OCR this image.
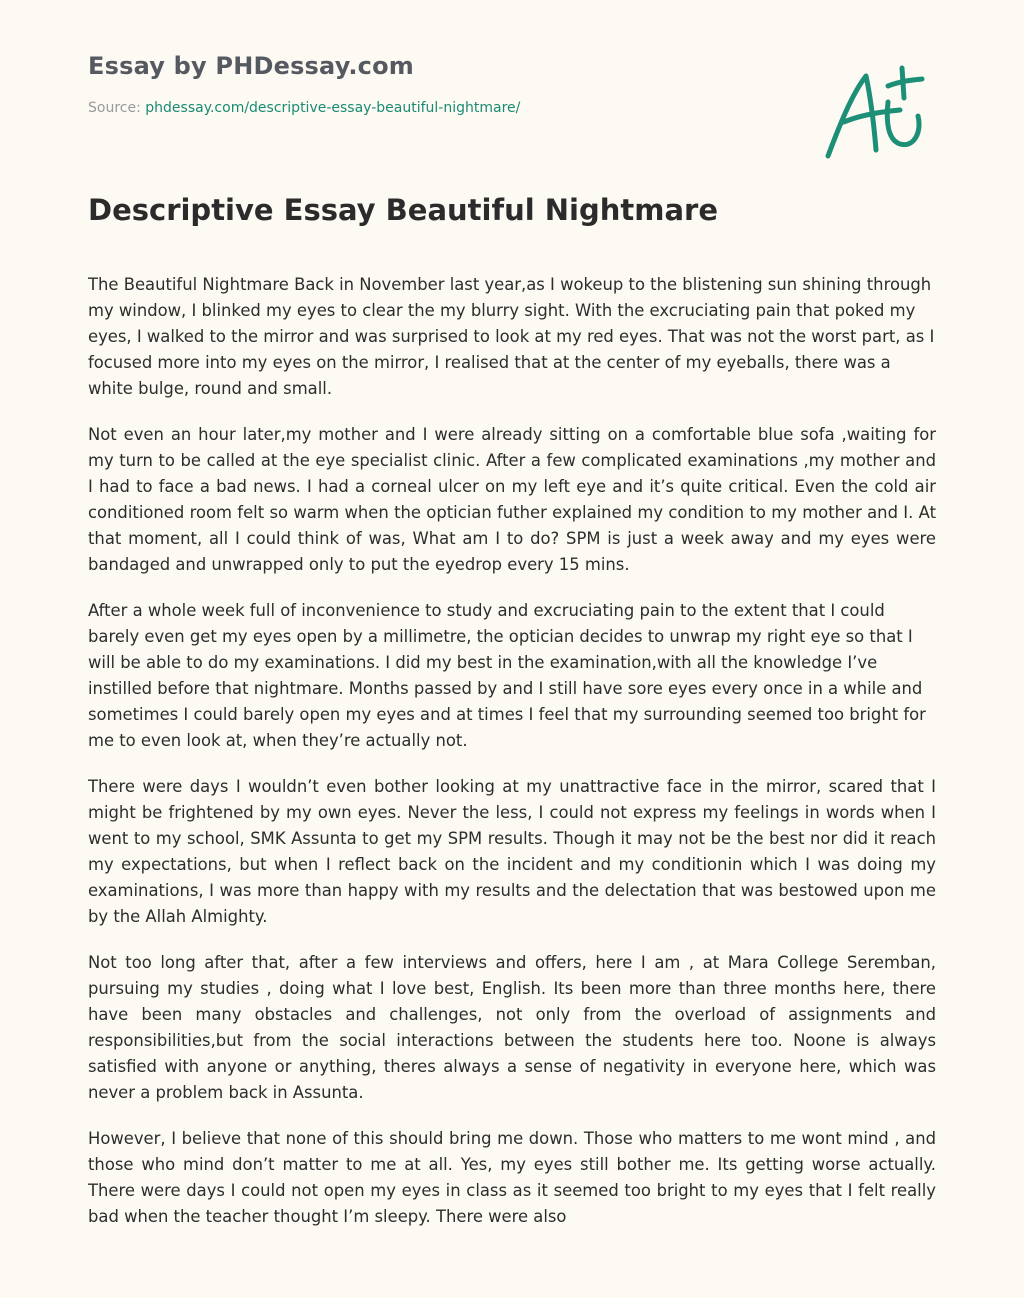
Essay by PHDessay.com
Source: phdessay.com/descriptive-essay-beautiful-nightmare/
Descriptive Essay Beautiful Nightmare

The Beautiful Nightmare Back in November last year,as I wokeup to the blistening sun shining through my window, I blinked my eyes to clear the my blurry sight. With the excruciating pain that poked my eyes, I walked to the mirror and was surprised to look at my red eyes. That was not the worst part, as I focused more into my eyes on the mirror, I realised that at the center of my eyeballs, there was a white bulge, round and small.

Not even an hour later,my mother and I were already sitting on a comfortable blue sofa ,waiting for my turn to be called at the eye specialist clinic. After a few complicated examinations ,my mother and I had to face a bad news. I had a corneal ulcer on my left eye and it’s quite critical. Even the cold air conditioned room felt so warm when the optician futher explained my condition to my mother and I. At that moment, all I could think of was, What am I to do? SPM is just a week away and my eyes were bandaged and unwrapped only to put the eyedrop every 15 mins.

After a whole week full of inconvenience to study and excruciating pain to the extent that I could barely even get my eyes open by a millimetre, the optician decides to unwrap my right eye so that I will be able to do my examinations. I did my best in the examination,with all the knowledge I’ve instilled before that nightmare. Months passed by and I still have sore eyes every once in a while and sometimes I could barely open my eyes and at times I feel that my surrounding seemed too bright for me to even look at, when they’re actually not.

There were days I wouldn’t even bother looking at my unattractive face in the mirror, scared that I might be frightened by my own eyes. Never the less, I could not express my feelings in words when I went to my school, SMK Assunta to get my SPM results. Though it may not be the best nor did it reach my expectations, but when I reflect back on the incident and my conditionin which I was doing my examinations, I was more than happy with my results and the delectation that was bestowed upon me by the Allah Almighty.

Not too long after that, after a few interviews and offers, here I am , at Mara College Seremban, pursuing my studies , doing what I love best, English. Its been more than three months here, there have been many obstacles and challenges, not only from the overload of assignments and responsibilities,but from the social interactions between the students here too. Noone is always satisfied with anyone or anything, theres always a sense of negativity in everyone here, which was never a problem back in Assunta.

However, I believe that none of this should bring me down. Those who matters to me wont mind , and those who mind don’t matter to me at all. Yes, my eyes still bother me. Its getting worse actually. There were days I could not open my eyes in class as it seemed too bright to my eyes that I felt really bad when the teacher thought I’m sleepy. There were also
